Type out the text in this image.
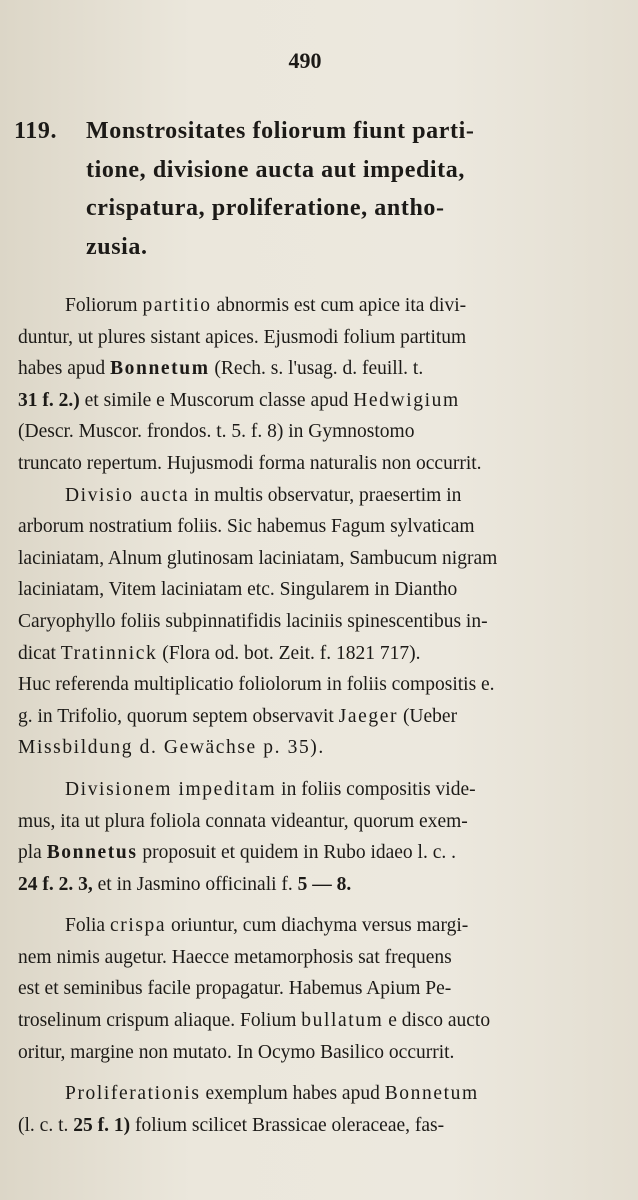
490
119. Monstrositates foliorum fiunt parti-
tione, divisione aucta aut impedita,
crispatura, proliferatione, antho-
zusia.

Foliorum partitio abnormis est cum apice ita divi-

duntur, ut plures sistant apices. Ejusmodi folium partitum

habes apud Bonnetum (Rech. s. l'usag. d. feuill. t.

31 f. 2.) et simile e Muscorum classe apud Hedwigium

(Descr. Muscor. frondos. t. 5. f. 8) in Gymnostomo

truncato repertum. Hujusmodi forma naturalis non occurrit.

Divisio aucta in multis observatur, praesertim in

arborum nostratium foliis. Sic habemus Fagum sylvaticam

laciniatam, Alnum glutinosam laciniatam, Sambucum nigram

laciniatam, Vitem laciniatam etc. Singularem in Diantho

Caryophyllo foliis subpinnatifidis laciniis spinescentibus in-

dicat Tratinnick (Flora od. bot. Zeit. f. 1821 717).

Huc referenda multiplicatio foliolorum in foliis compositis e.

g. in Trifolio, quorum septem observavit Jaeger (Ueber

Missbildung d. Gewächse p. 35).

Divisionem impeditam in foliis compositis vide-

mus, ita ut plura foliola connata videantur, quorum exem-

pla Bonnetus proposuit et quidem in Rubo idaeo l. c. .

24 f. 2. 3, et in Jasmino officinali f. 5 — 8.

Folia crispa oriuntur, cum diachyma versus margi-

nem nimis augetur. Haecce metamorphosis sat frequens

est et seminibus facile propagatur. Habemus Apium Pe-

troselinum crispum aliaque. Folium bullatum e disco aucto

oritur, margine non mutato. In Ocymo Basilico occurrit.

Proliferationis exemplum habes apud Bonnetum

(l. c. t. 25 f. 1) folium scilicet Brassicae oleraceae, fas-
